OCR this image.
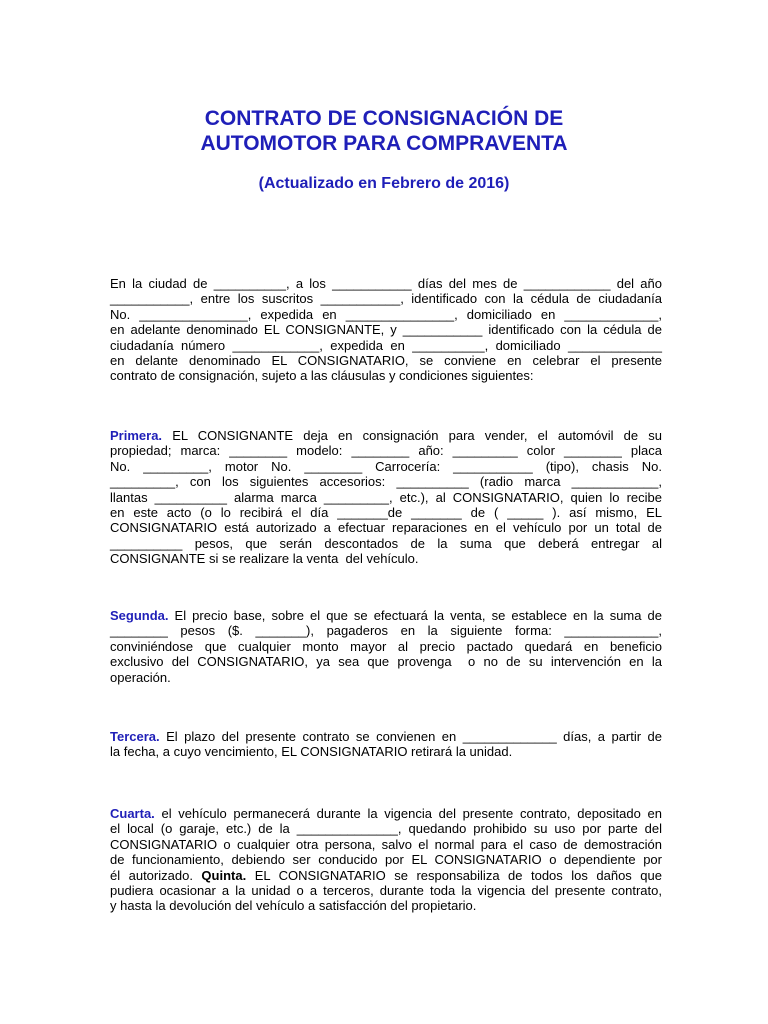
CONTRATO DE CONSIGNACIÓN DE
AUTOMOTOR PARA COMPRAVENTA
(Actualizado en Febrero de 2016)
En la ciudad de __________, a los ___________ días del mes de ____________ del año
___________, entre los suscritos ___________, identificado con la cédula de ciudadanía
No. _______________, expedida en _______________, domiciliado en _____________,
en adelante denominado EL CONSIGNANTE, y ___________ identificado con la cédula de
ciudadanía número ____________, expedida en __________, domiciliado _____________
en delante denominado EL CONSIGNATARIO, se conviene en celebrar el presente
contrato de consignación, sujeto a las cláusulas y condiciones siguientes:
Primera. EL CONSIGNANTE deja en consignación para vender, el automóvil de su
propiedad; marca: ________ modelo: ________ año: _________ color ________ placa
No. _________, motor No. ________ Carrocería: ___________ (tipo), chasis No.
_________, con los siguientes accesorios: __________ (radio marca ____________,
llantas __________ alarma marca _________, etc.), al CONSIGNATARIO, quien lo recibe
en este acto (o lo recibirá el día _______de _______ de ( _____ ). así mismo, EL
CONSIGNATARIO está autorizado a efectuar reparaciones en el vehículo por un total de
__________ pesos, que serán descontados de la suma que deberá entregar al
CONSIGNANTE si se realizare la venta  del vehículo.
Segunda. El precio base, sobre el que se efectuará la venta, se establece en la suma de
________ pesos ($. _______), pagaderos en la siguiente forma: _____________,
conviniéndose que cualquier monto mayor al precio pactado quedará en beneficio
exclusivo del CONSIGNATARIO, ya sea que provenga  o no de su intervención en la
operación.
Tercera. El plazo del presente contrato se convienen en _____________ días, a partir de
la fecha, a cuyo vencimiento, EL CONSIGNATARIO retirará la unidad.
Cuarta. el vehículo permanecerá durante la vigencia del presente contrato, depositado en
el local (o garaje, etc.) de la ______________, quedando prohibido su uso por parte del
CONSIGNATARIO o cualquier otra persona, salvo el normal para el caso de demostración
de funcionamiento, debiendo ser conducido por EL CONSIGNATARIO o dependiente por
él autorizado. Quinta. EL CONSIGNATARIO se responsabiliza de todos los daños que
pudiera ocasionar a la unidad o a terceros, durante toda la vigencia del presente contrato,
y hasta la devolución del vehículo a satisfacción del propietario.
